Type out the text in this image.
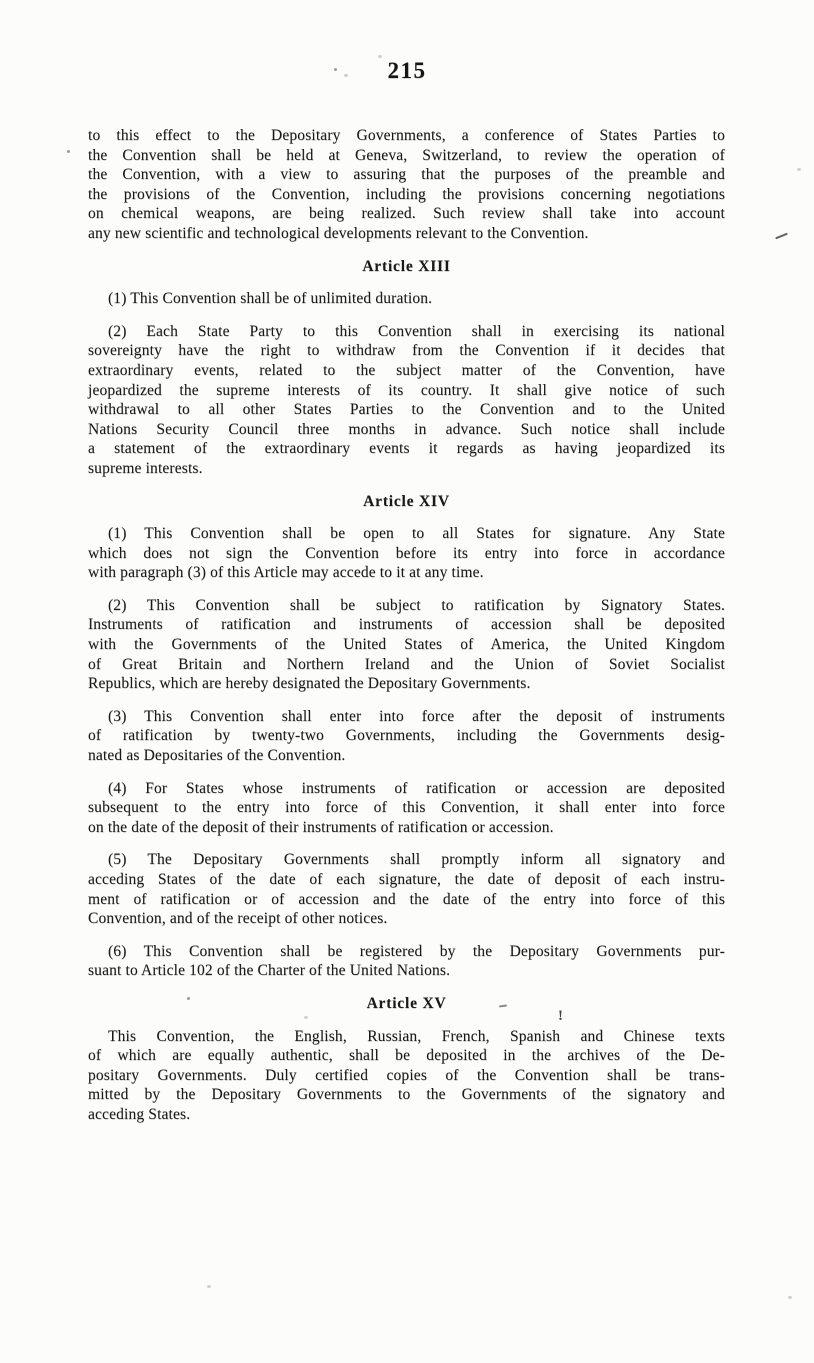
215
to this effect to the Depositary Governments, a conference of States Parties to
the Convention shall be held at Geneva, Switzerland, to review the operation of
the Convention, with a view to assuring that the purposes of the preamble and
the provisions of the Convention, including the provisions concerning negotiations
on chemical weapons, are being realized. Such review shall take into account
any new scientific and technological developments relevant to the Convention.
Article XIII
(1) This Convention shall be of unlimited duration.
(2) Each State Party to this Convention shall in exercising its national
sovereignty have the right to withdraw from the Convention if it decides that
extraordinary events, related to the subject matter of the Convention, have
jeopardized the supreme interests of its country. It shall give notice of such
withdrawal to all other States Parties to the Convention and to the United
Nations Security Council three months in advance. Such notice shall include
a statement of the extraordinary events it regards as having jeopardized its
supreme interests.
Article XIV
(1) This Convention shall be open to all States for signature. Any State
which does not sign the Convention before its entry into force in accordance
with paragraph (3) of this Article may accede to it at any time.
(2) This Convention shall be subject to ratification by Signatory States.
Instruments of ratification and instruments of accession shall be deposited
with the Governments of the United States of America, the United Kingdom
of Great Britain and Northern Ireland and the Union of Soviet Socialist
Republics, which are hereby designated the Depositary Governments.
(3) This Convention shall enter into force after the deposit of instruments
of ratification by twenty-two Governments, including the Governments desig-
nated as Depositaries of the Convention.
(4) For States whose instruments of ratification or accession are deposited
subsequent to the entry into force of this Convention, it shall enter into force
on the date of the deposit of their instruments of ratification or accession.
(5) The Depositary Governments shall promptly inform all signatory and
acceding States of the date of each signature, the date of deposit of each instru-
ment of ratification or of accession and the date of the entry into force of this
Convention, and of the receipt of other notices.
(6) This Convention shall be registered by the Depositary Governments pur-
suant to Article 102 of the Charter of the United Nations.
Article XV
This Convention, the English, Russian, French, Spanish and Chinese texts
of which are equally authentic, shall be deposited in the archives of the De-
positary Governments. Duly certified copies of the Convention shall be trans-
mitted by the Depositary Governments to the Governments of the signatory and
acceding States.
!
